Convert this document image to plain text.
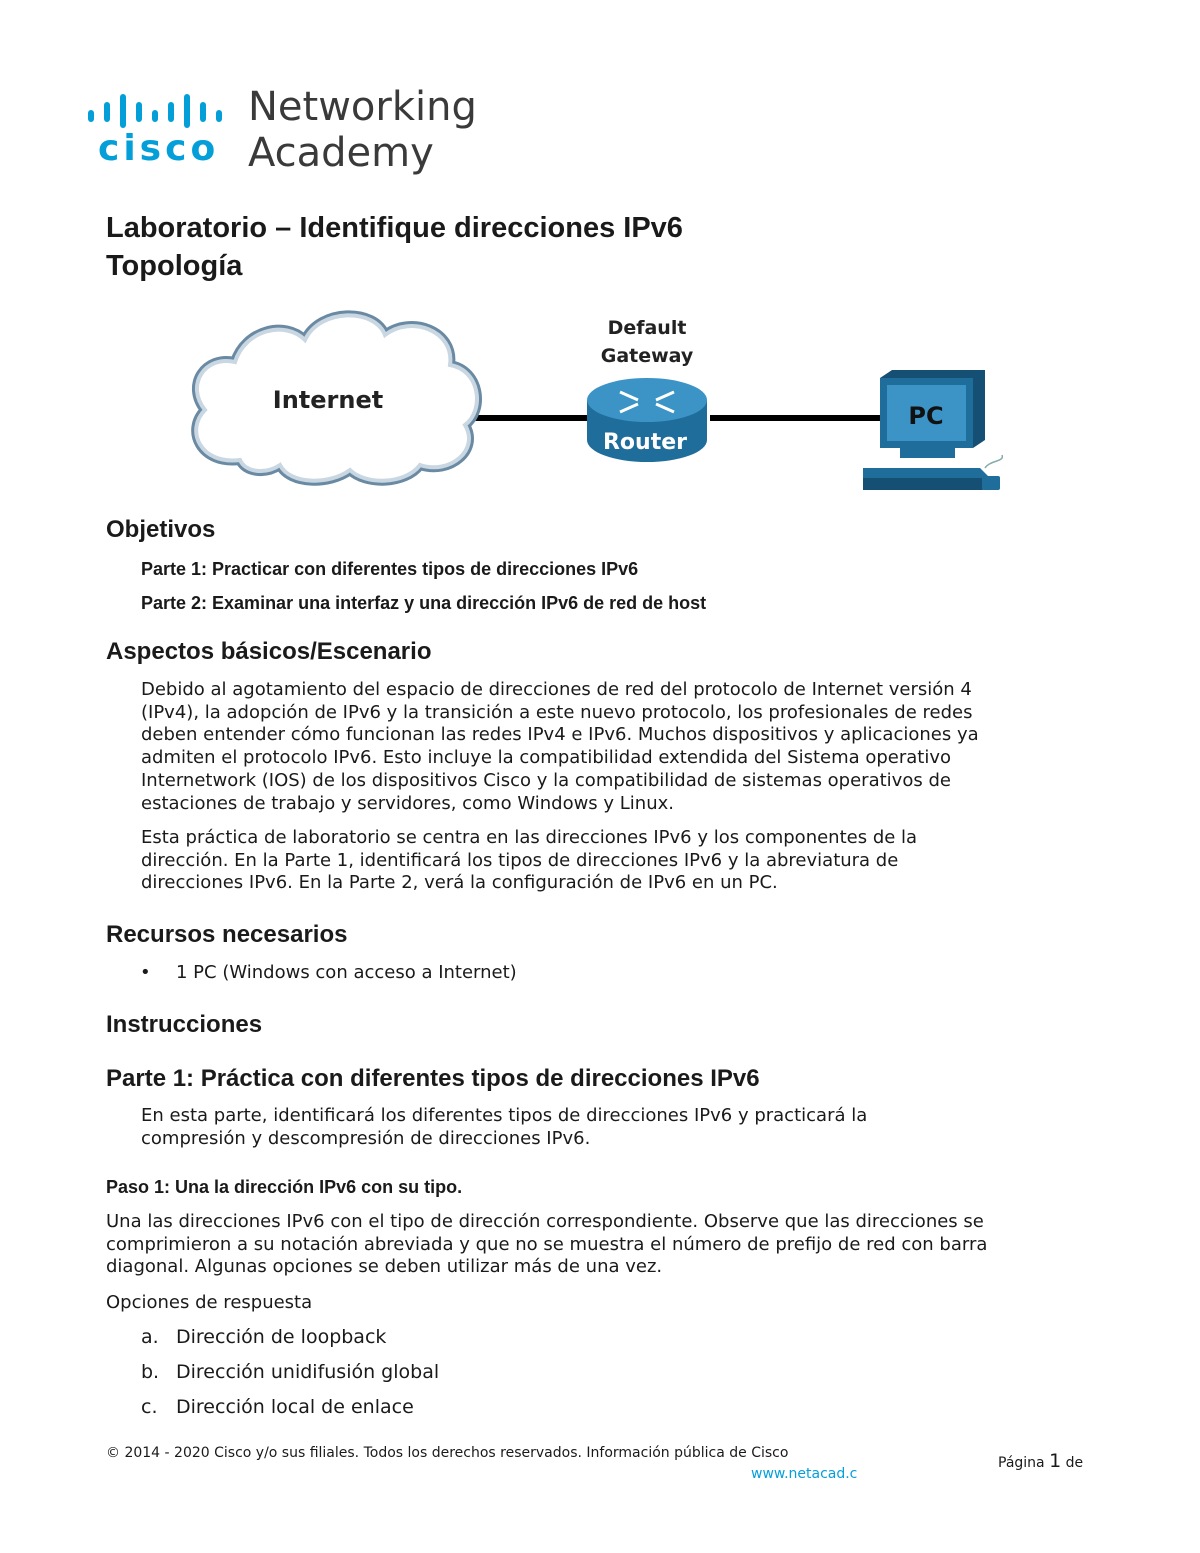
cisco
Networking
Academy
Laboratorio – Identifique direcciones IPv6
Topología
Internet
Default
Gateway
Router
PC
Objetivos
Parte 1: Practicar con diferentes tipos de direcciones IPv6
Parte 2: Examinar una interfaz y una dirección IPv6 de red de host
Aspectos básicos/Escenario
Debido al agotamiento del espacio de direcciones de red del protocolo de Internet versión 4
(IPv4), la adopción de IPv6 y la transición a este nuevo protocolo, los profesionales de redes
deben entender cómo funcionan las redes IPv4 e IPv6. Muchos dispositivos y aplicaciones ya
admiten el protocolo IPv6. Esto incluye la compatibilidad extendida del Sistema operativo
Internetwork (IOS) de los dispositivos Cisco y la compatibilidad de sistemas operativos de
estaciones de trabajo y servidores, como Windows y Linux.
Esta práctica de laboratorio se centra en las direcciones IPv6 y los componentes de la
dirección. En la Parte 1, identificará los tipos de direcciones IPv6 y la abreviatura de
direcciones IPv6. En la Parte 2, verá la configuración de IPv6 en un PC.
Recursos necesarios
• 1 PC (Windows con acceso a Internet)
Instrucciones
Parte 1: Práctica con diferentes tipos de direcciones IPv6
En esta parte, identificará los diferentes tipos de direcciones IPv6 y practicará la
compresión y descompresión de direcciones IPv6.
Paso 1: Una la dirección IPv6 con su tipo.
Una las direcciones IPv6 con el tipo de dirección correspondiente. Observe que las direcciones se
comprimieron a su notación abreviada y que no se muestra el número de prefijo de red con barra
diagonal. Algunas opciones se deben utilizar más de una vez.
Opciones de respuesta
a. Dirección de loopback
b. Dirección unidifusión global
c. Dirección local de enlace
© 2014 - 2020 Cisco y/o sus filiales. Todos los derechos reservados. Información pública de Cisco
www.netacad.c
Página 1 de
